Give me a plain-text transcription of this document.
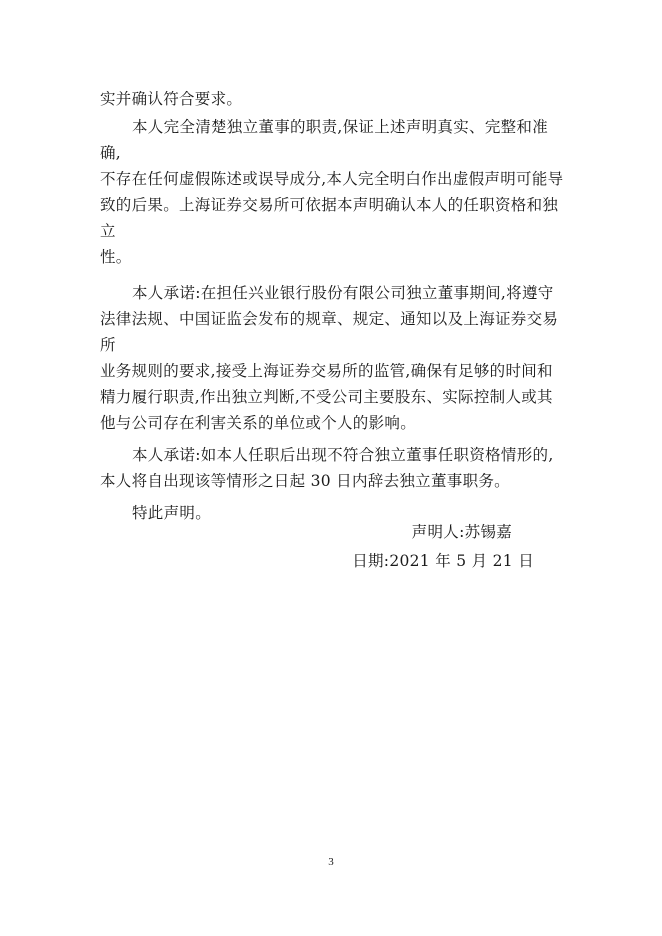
实并确认符合要求。

本人完全清楚独立董事的职责,保证上述声明真实、完整和准确,
不存在任何虚假陈述或误导成分,本人完全明白作出虚假声明可能导
致的后果。上海证券交易所可依据本声明确认本人的任职资格和独立
性。

本人承诺:在担任兴业银行股份有限公司独立董事期间,将遵守
法律法规、中国证监会发布的规章、规定、通知以及上海证券交易所
业务规则的要求,接受上海证券交易所的监管,确保有足够的时间和
精力履行职责,作出独立判断,不受公司主要股东、实际控制人或其
他与公司存在利害关系的单位或个人的影响。

本人承诺:如本人任职后出现不符合独立董事任职资格情形的,
本人将自出现该等情形之日起 30 日内辞去独立董事职务。

特此声明。

声明人:苏锡嘉
日期:2021 年 5 月 21 日
3
